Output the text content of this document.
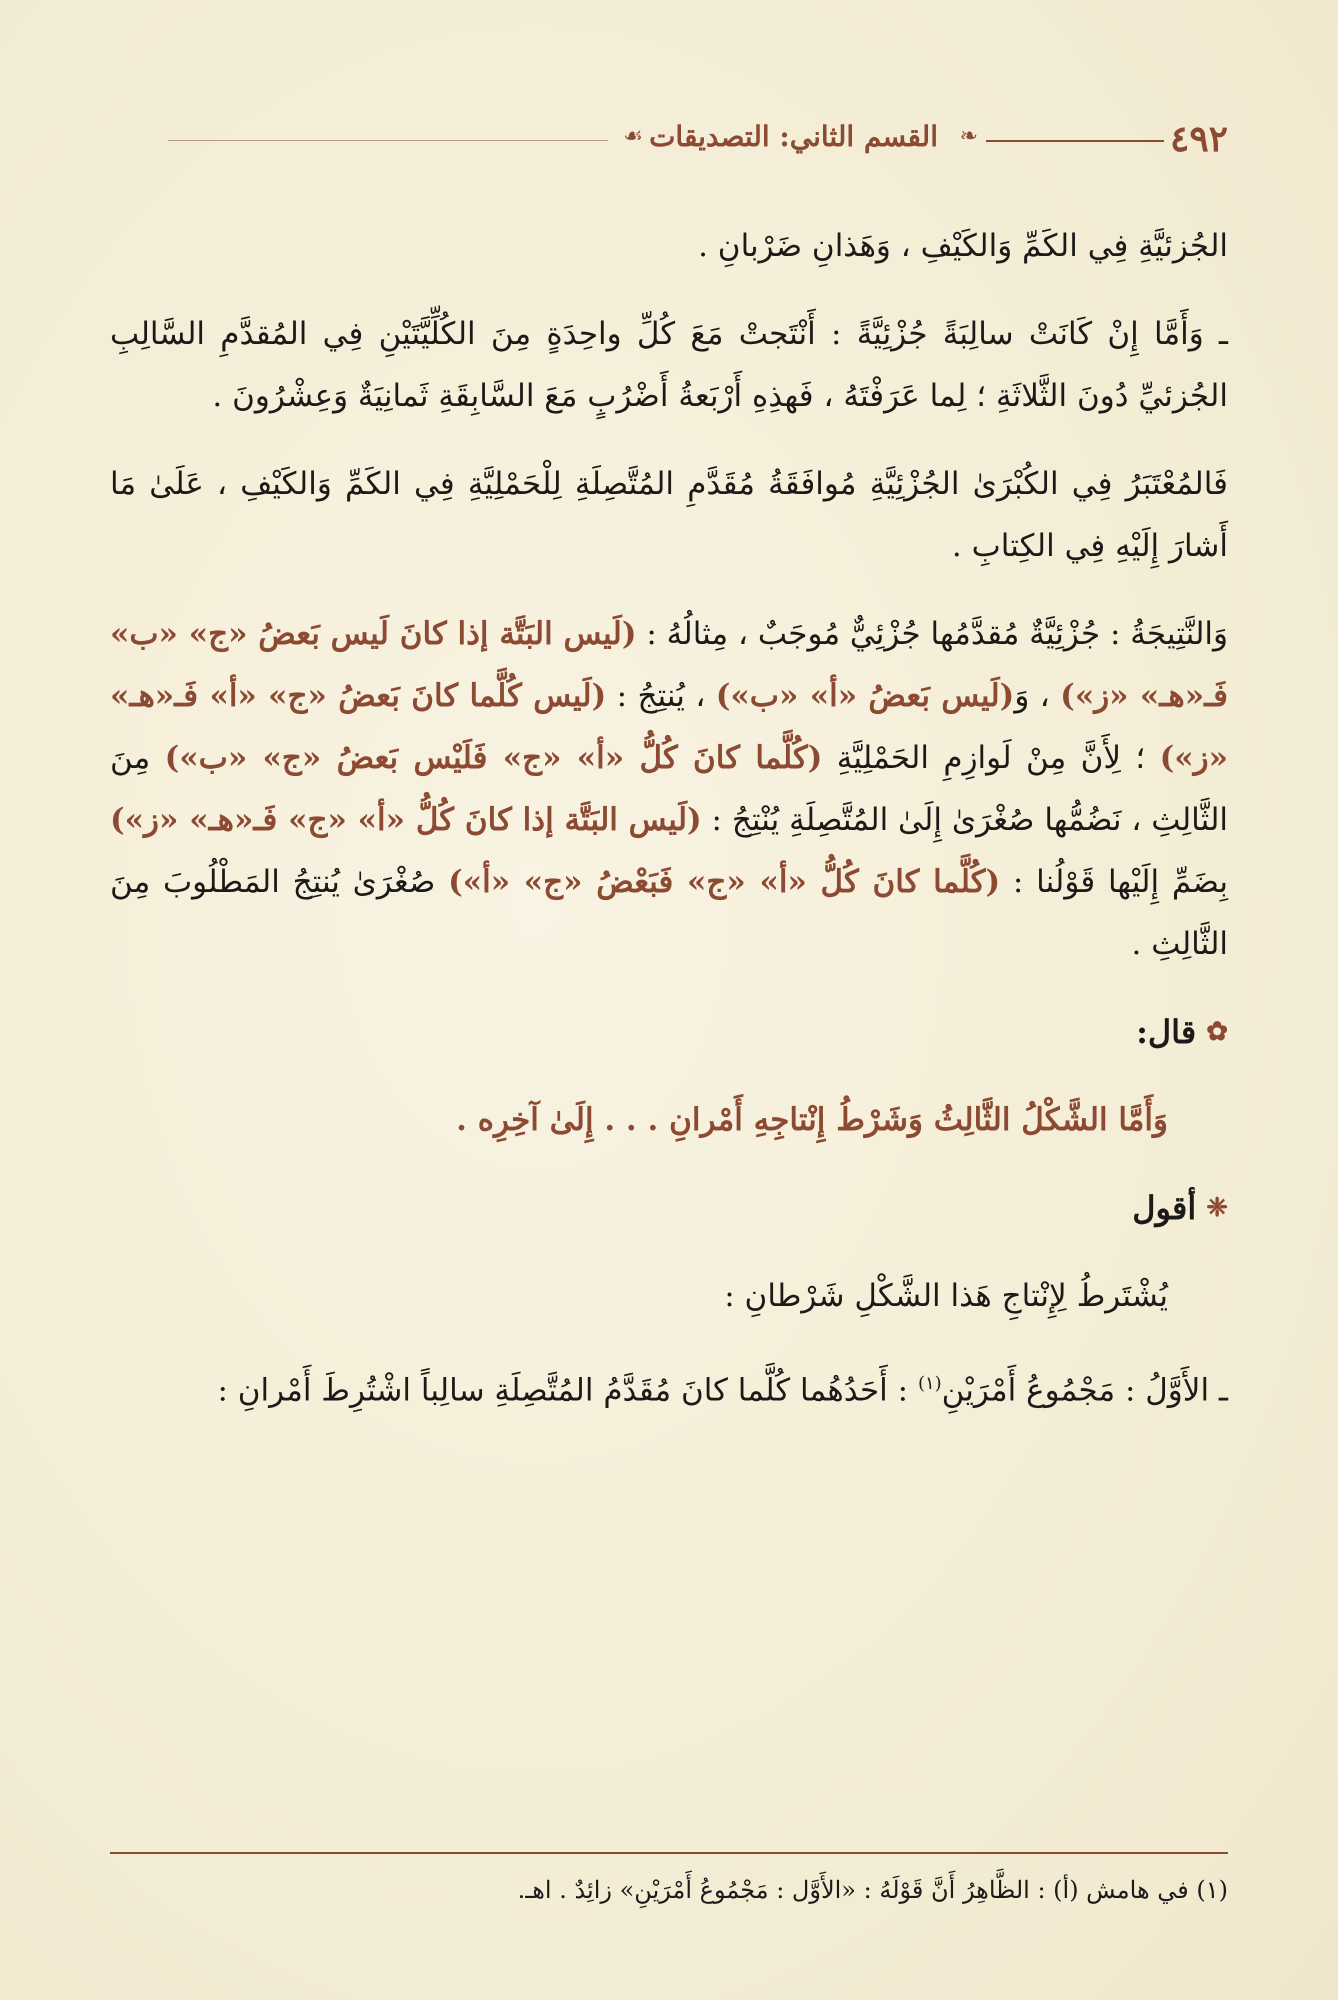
٤٩٢
❧
القسم الثاني: التصديقات
☙

الجُزئيَّةِ فِي الكَمِّ وَالكَيْفِ ، وَهَذانِ ضَرْبانِ .

ـ وَأَمَّا إِنْ كَانَتْ سالِبَةً جُزْئِيَّةً : أَنْتَجتْ مَعَ كُلِّ واحِدَةٍ مِنَ الكُلِّيَّتَيْنِ فِي المُقدَّمِ السَّالِبِ الجُزئيِّ دُونَ الثَّلاثَةِ ؛ لِما عَرَفْتَهُ ، فَهذِهِ أَرْبَعةُ أَضْرُبٍ مَعَ السَّابِقَةِ ثَمانِيَةٌ وَعِشْرُونَ .

فَالمُعْتَبَرُ فِي الكُبْرَىٰ الجُزْئِيَّةِ مُوافَقَةُ مُقَدَّمِ المُتَّصِلَةِ لِلْحَمْلِيَّةِ فِي الكَمِّ وَالكَيْفِ ، عَلَىٰ مَا أَشارَ إِلَيْهِ فِي الكِتابِ .

وَالنَّتِيجَةُ : جُزْئِيَّةٌ مُقدَّمُها جُزْئِيٌّ مُوجَبٌ ، مِثالُهُ : (لَيس البَتَّة إذا كانَ لَيس بَعضُ «ج» «ب» فَـ«هـ» «ز») ، وَ(لَيس بَعضُ «أ» «ب») ، يُنتِجُ : (لَيس كُلَّما كانَ بَعضُ «ج» «أ» فَـ«هـ» «ز») ؛ لِأَنَّ مِنْ لَوازِمِ الحَمْلِيَّةِ (كُلَّما كانَ كُلُّ «أ» «ج» فَلَيْس بَعضُ «ج» «ب») مِنَ الثَّالِثِ ، نَضُمُّها صُغْرَىٰ إِلَىٰ المُتَّصِلَةِ يُنْتِجُ : (لَيس البَتَّة إذا كانَ كُلُّ «أ» «ج» فَـ«هـ» «ز») بِضَمِّ إِلَيْها قَوْلُنا : (كُلَّما كانَ كُلُّ «أ» «ج» فَبَعْضُ «ج» «أ») صُغْرَىٰ يُنتِجُ المَطْلُوبَ مِنَ الثَّالِثِ .

✿
قال:

وَأَمَّا الشَّكْلُ الثَّالِثُ وَشَرْطُ إِنْتاجِهِ أَمْرانِ . . . إِلَىٰ آخِرِه .

❈
أقول

يُشْتَرطُ لِإِنْتاجِ هَذا الشَّكْلِ شَرْطانِ :

ـ الأَوَّلُ : مَجْمُوعُ أَمْرَيْنِ$^{(١)}$ : أَحَدُهُما كُلَّما كانَ مُقَدَّمُ المُتَّصِلَةِ سالِباً اشْتُرِطَ أَمْرانِ :

(١) في هامش (أ) : الظَّاهِرُ أَنَّ قَوْلَهُ : «الأَوَّل : مَجْمُوعُ أَمْرَيْنِ» زائِدٌ . اهـ.
